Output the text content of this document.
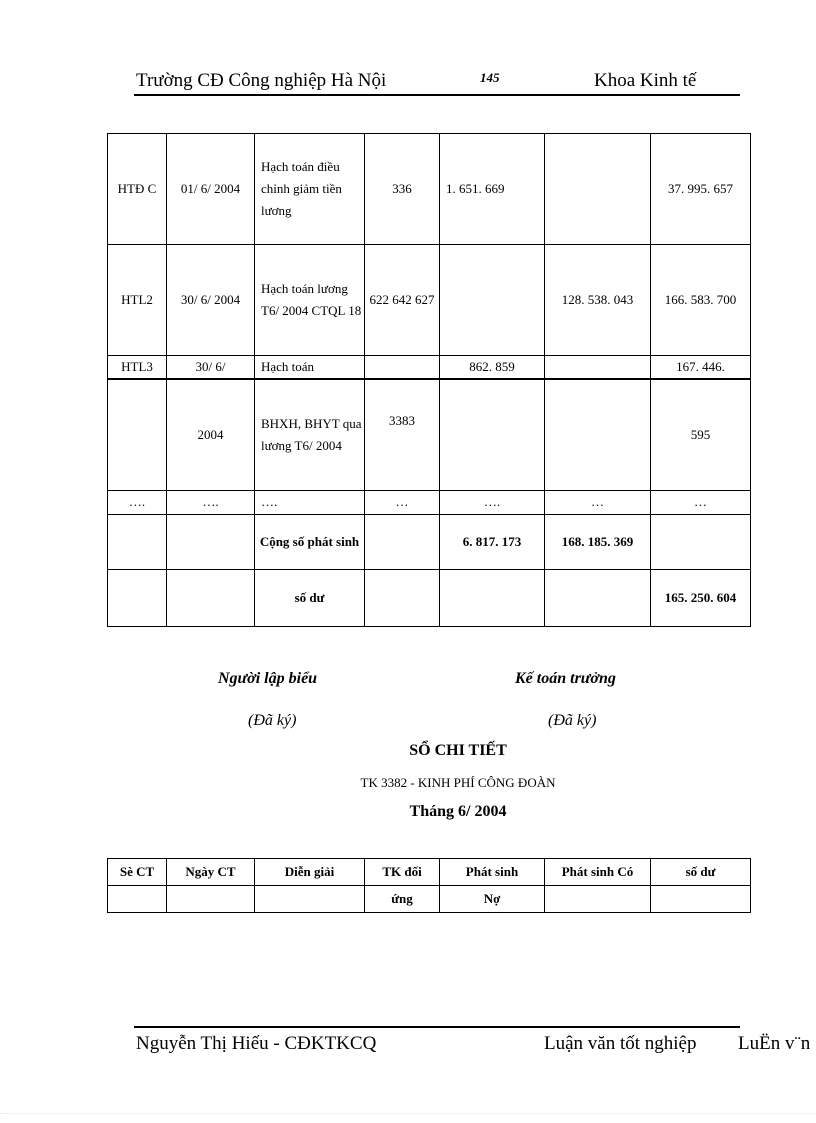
Trường CĐ Công nghiệp Hà Nội	145	Khoa Kinh tế
HTĐ C	01/ 6/ 2004	Hạch toán điều chỉnh giảm tiền lương	336	1. 651. 669		37. 995. 657
HTL2	30/ 6/ 2004	Hạch toán lương T6/ 2004 CTQL 18	622 642 627		128. 538. 043	166. 583. 700
HTL3	30/ 6/	Hạch toán		862. 859		167. 446.
	2004	BHXH, BHYT qua lương T6/ 2004	3383			595
….	….	….	…	….	…	…
		Cộng số phát sinh		6. 817. 173	168. 185. 369	
		số dư				165. 250. 604
Người lập biểu
(Đã ký)
Kế toán trưởng
(Đã ký)
SỔ CHI TIẾT
TK 3382 - KINH PHÍ CÔNG ĐOÀN
Tháng 6/ 2004
Sè CT	Ngày CT	Diễn giải	TK đối	Phát sinh	Phát sinh Có	số dư
			ứng	Nợ		
Nguyễn Thị Hiếu - CĐKTKCQ	Luận văn tốt nghiệp LuËn v¨n
